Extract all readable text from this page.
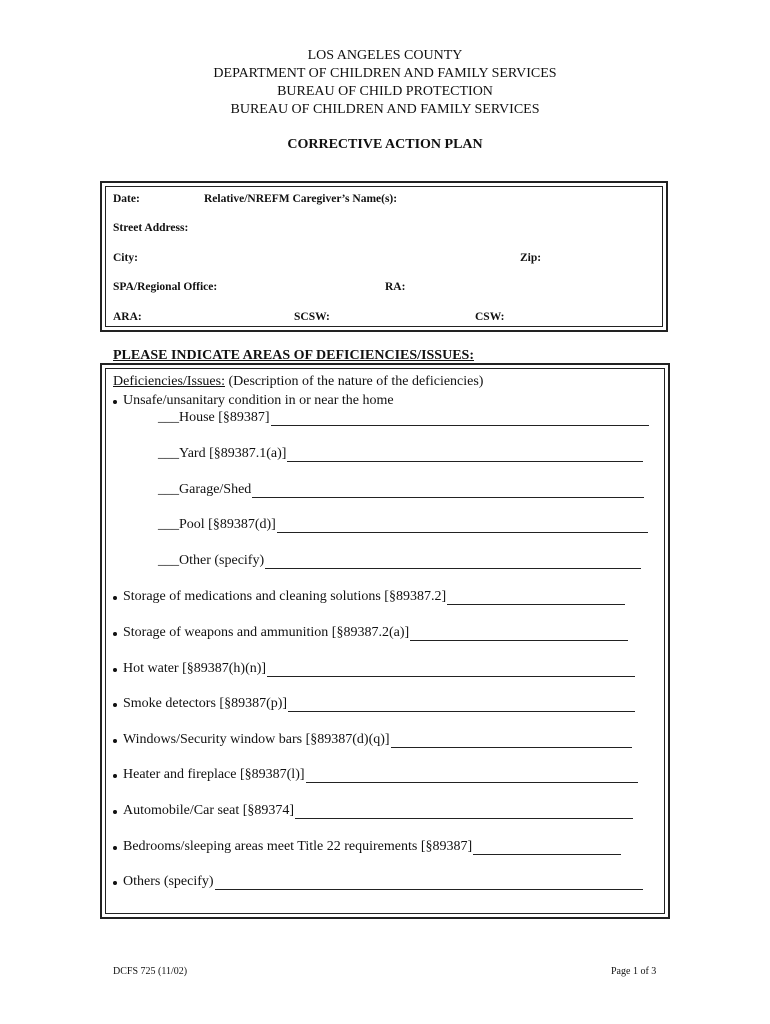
LOS ANGELES COUNTY
DEPARTMENT OF CHILDREN AND FAMILY SERVICES
BUREAU OF CHILD PROTECTION
BUREAU OF CHILDREN AND FAMILY SERVICES
CORRECTIVE ACTION PLAN
Date:	Relative/NREFM Caregiver’s Name(s):
Street Address:
City:	Zip:
SPA/Regional Office:	RA:
ARA:	SCSW:	CSW:
PLEASE INDICATE AREAS OF DEFICIENCIES/ISSUES:
Deficiencies/Issues: (Description of the nature of the deficiencies)
Unsafe/unsanitary condition in or near the home
___House [§89387]
___Yard [§89387.1(a)]
___Garage/Shed
___Pool [§89387(d)]
___Other (specify)
Storage of medications and cleaning solutions [§89387.2]
Storage of weapons and ammunition [§89387.2(a)]
Hot water [§89387(h)(n)]
Smoke detectors [§89387(p)]
Windows/Security window bars [§89387(d)(q)]
Heater and fireplace [§89387(l)]
Automobile/Car seat [§89374]
Bedrooms/sleeping areas meet Title 22 requirements [§89387]
Others (specify)
DCFS 725 (11/02)	Page 1 of 3
